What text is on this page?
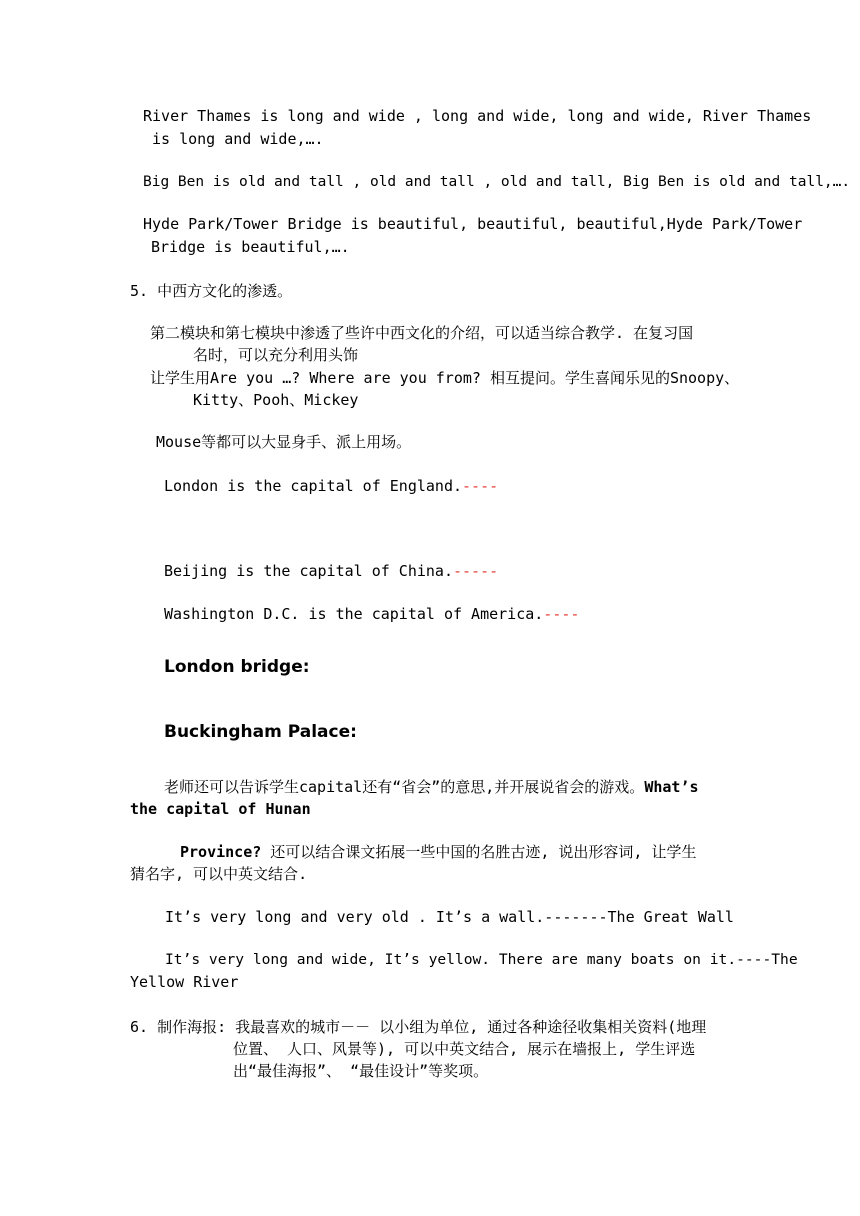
River Thames is long and wide , long and wide, long and wide, River Thames
is long and wide,….
Big Ben is old and tall , old and tall , old and tall, Big Ben is old and tall,….
Hyde Park/Tower Bridge is beautiful, beautiful, beautiful,Hyde Park/Tower
Bridge is beautiful,….
5. 中西方文化的渗透。
第二模块和第七模块中渗透了些许中西文化的介绍，可以适当综合教学. 在复习国
名时，可以充分利用头饰
让学生用Are you …? Where are you from? 相互提问。学生喜闻乐见的Snoopy、
Kitty、Pooh、Mickey
Mouse等都可以大显身手、派上用场。
London is the capital of England.----
Beijing is the capital of China.-----
Washington D.C. is the capital of America.----
London bridge:
Buckingham Palace:
老师还可以告诉学生capital还有“省会”的意思,并开展说省会的游戏。What’s
the capital of Hunan
Province? 还可以结合课文拓展一些中国的名胜古迹, 说出形容词, 让学生
猜名字, 可以中英文结合.
It’s very long and very old . It’s a wall.-------The Great Wall
It’s very long and wide, It’s yellow. There are many boats on it.----The
Yellow River
6. 制作海报: 我最喜欢的城市－－ 以小组为单位, 通过各种途径收集相关资料(地理
位置、 人口、风景等), 可以中英文结合, 展示在墙报上, 学生评选
出“最佳海报”、 “最佳设计”等奖项。
